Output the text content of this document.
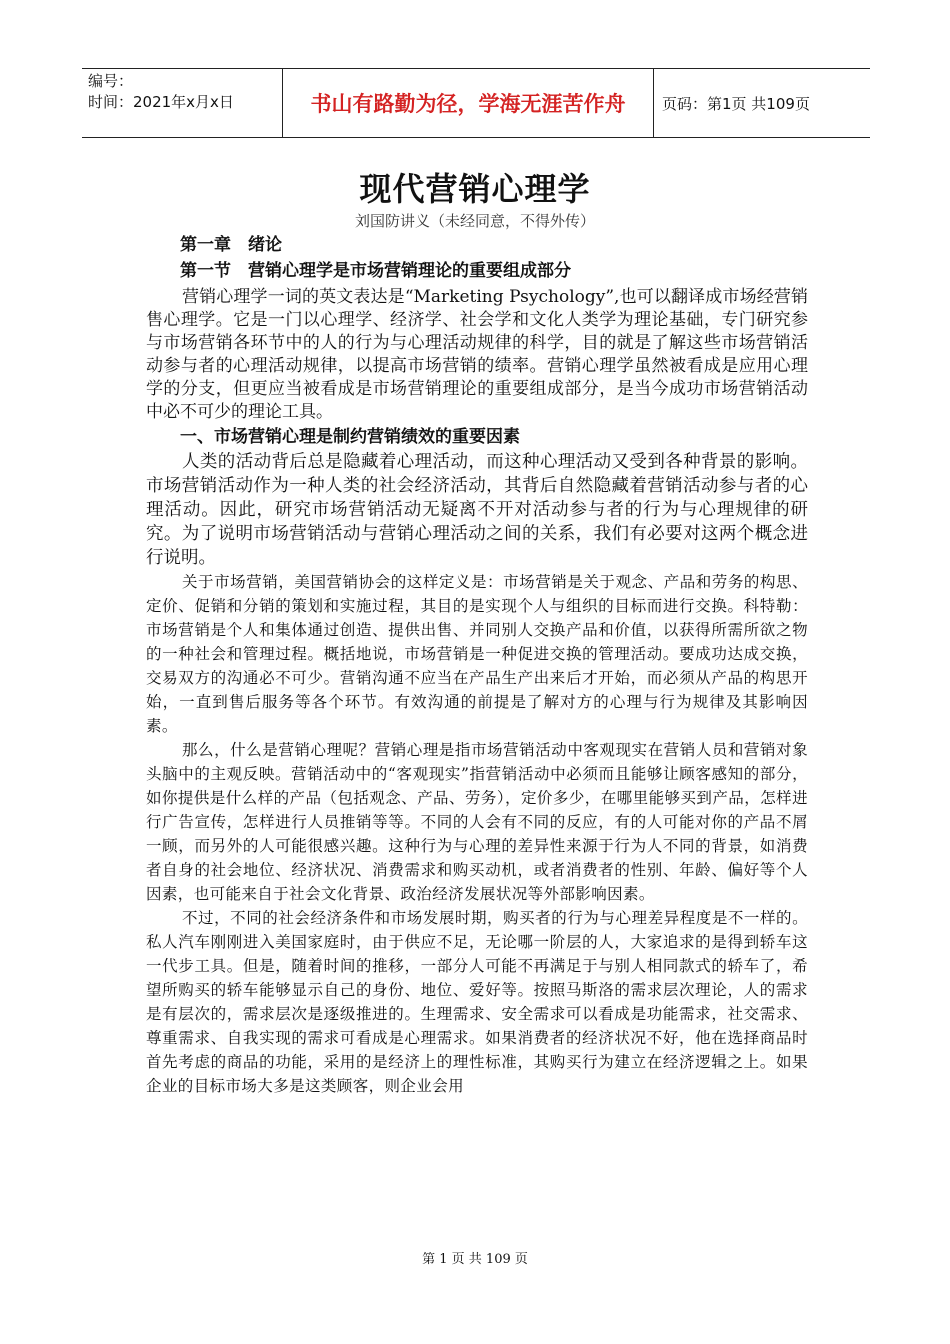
编号：
时间：2021年x月x日	书山有路勤为径，学海无涯苦作舟	页码：第1页 共109页
现代营销心理学
刘国防讲义（未经同意，不得外传）

第一章　绪论

第一节　营销心理学是市场营销理论的重要组成部分

营销心理学一词的英文表达是“Marketing Psychology”,也可以翻译成市场经营销售心理学。它是一门以心理学、经济学、社会学和文化人类学为理论基础，专门研究参与市场营销各环节中的人的行为与心理活动规律的科学，目的就是了解这些市场营销活动参与者的心理活动规律，以提高市场营销的绩率。营销心理学虽然被看成是应用心理学的分支，但更应当被看成是市场营销理论的重要组成部分，是当今成功市场营销活动中必不可少的理论工具。

一、市场营销心理是制约营销绩效的重要因素

人类的活动背后总是隐藏着心理活动，而这种心理活动又受到各种背景的影响。市场营销活动作为一种人类的社会经济活动，其背后自然隐藏着营销活动参与者的心理活动。因此，研究市场营销活动无疑离不开对活动参与者的行为与心理规律的研究。为了说明市场营销活动与营销心理活动之间的关系，我们有必要对这两个概念进行说明。

关于市场营销，美国营销协会的这样定义是：市场营销是关于观念、产品和劳务的构思、定价、促销和分销的策划和实施过程，其目的是实现个人与组织的目标而进行交换。科特勒：市场营销是个人和集体通过创造、提供出售、并同别人交换产品和价值，以获得所需所欲之物的一种社会和管理过程。概括地说，市场营销是一种促进交换的管理活动。要成功达成交换，交易双方的沟通必不可少。营销沟通不应当在产品生产出来后才开始，而必须从产品的构思开始，一直到售后服务等各个环节。有效沟通的前提是了解对方的心理与行为规律及其影响因素。

那么，什么是营销心理呢？营销心理是指市场营销活动中客观现实在营销人员和营销对象头脑中的主观反映。营销活动中的“客观现实”指营销活动中必须而且能够让顾客感知的部分，如你提供是什么样的产品（包括观念、产品、劳务），定价多少，在哪里能够买到产品，怎样进行广告宣传，怎样进行人员推销等等。不同的人会有不同的反应，有的人可能对你的产品不屑一顾，而另外的人可能很感兴趣。这种行为与心理的差异性来源于行为人不同的背景，如消费者自身的社会地位、经济状况、消费需求和购买动机，或者消费者的性别、年龄、偏好等个人因素，也可能来自于社会文化背景、政治经济发展状况等外部影响因素。

不过，不同的社会经济条件和市场发展时期，购买者的行为与心理差异程度是不一样的。私人汽车刚刚进入美国家庭时，由于供应不足，无论哪一阶层的人，大家追求的是得到轿车这一代步工具。但是，随着时间的推移，一部分人可能不再满足于与别人相同款式的轿车了，希望所购买的轿车能够显示自己的身份、地位、爱好等。按照马斯洛的需求层次理论，人的需求是有层次的，需求层次是逐级推进的。生理需求、安全需求可以看成是功能需求，社交需求、尊重需求、自我实现的需求可看成是心理需求。如果消费者的经济状况不好，他在选择商品时首先考虑的商品的功能，采用的是经济上的理性标准，其购买行为建立在经济逻辑之上。如果企业的目标市场大多是这类顾客，则企业会用

第 1 页 共 109 页
